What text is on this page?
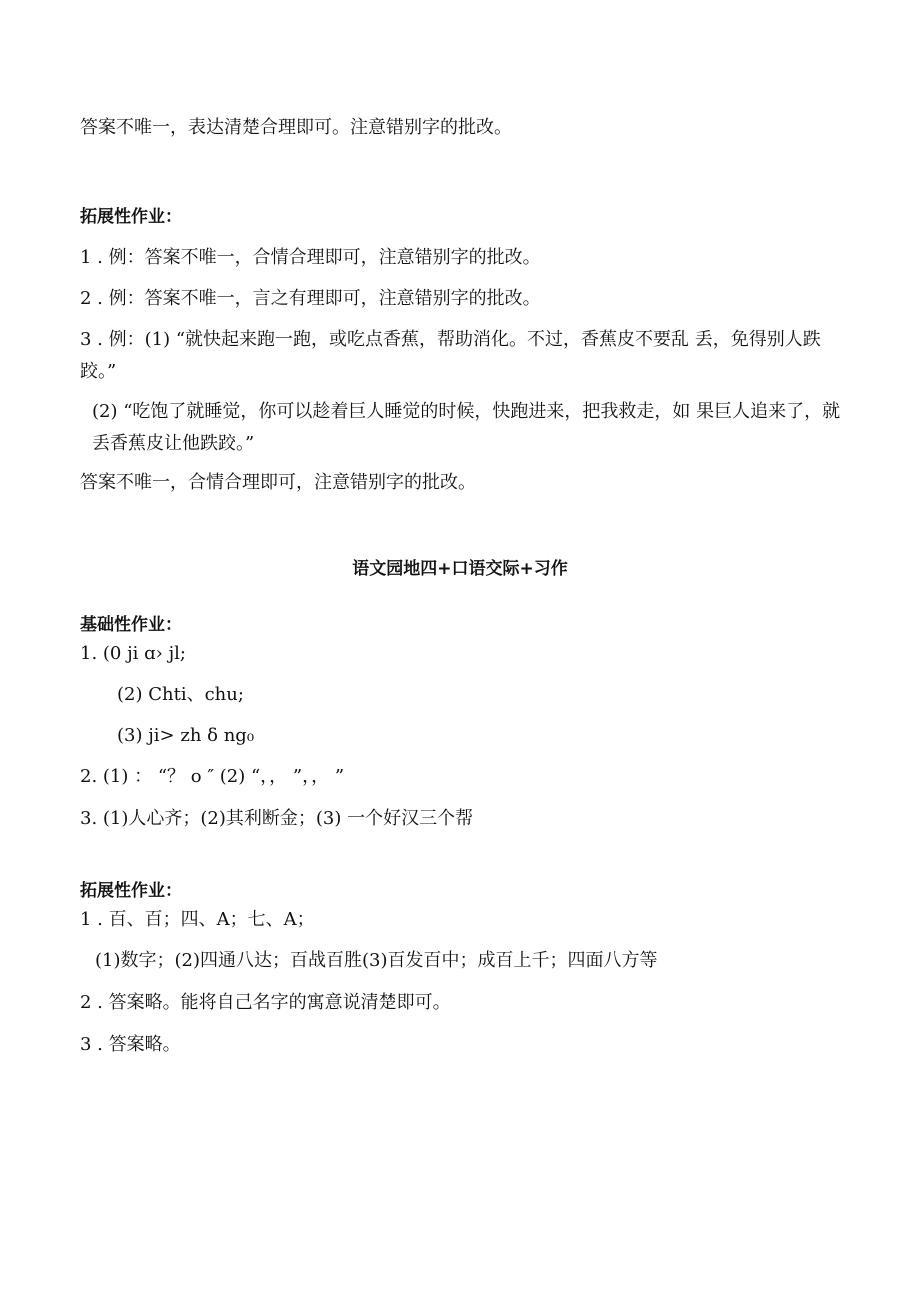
答案不唯一，表达清楚合理即可。注意错别字的批改。
拓展性作业：
1 . 例：答案不唯一，合情合理即可，注意错别字的批改。
2 . 例：答案不唯一，言之有理即可，注意错别字的批改。
3 . 例：(1) “就快起来跑一跑，或吃点香蕉，帮助消化。不过，香蕉皮不要乱 丢，免得别人跌跤。”
(2) “吃饱了就睡觉，你可以趁着巨人睡觉的时候，快跑进来，把我救走，如 果巨人追来了，就丢香蕉皮让他跌跤。”
答案不唯一，合情合理即可，注意错别字的批改。
语文园地四+口语交际+习作
基础性作业：
1. (0 ji ɑ› jl;
(2) Chti、chu;
(3) ji> zh δ ng₀
2. (1) ： “？ o ″ (2) “，， ”，， ”
3. (1)人心齐；(2)其利断金；(3) 一个好汉三个帮
拓展性作业：
1 . 百、百；四、A；七、A；
(1)数字；(2)四通八达；百战百胜(3)百发百中；成百上千；四面八方等
2 . 答案略。能将自己名字的寓意说清楚即可。
3 . 答案略。
